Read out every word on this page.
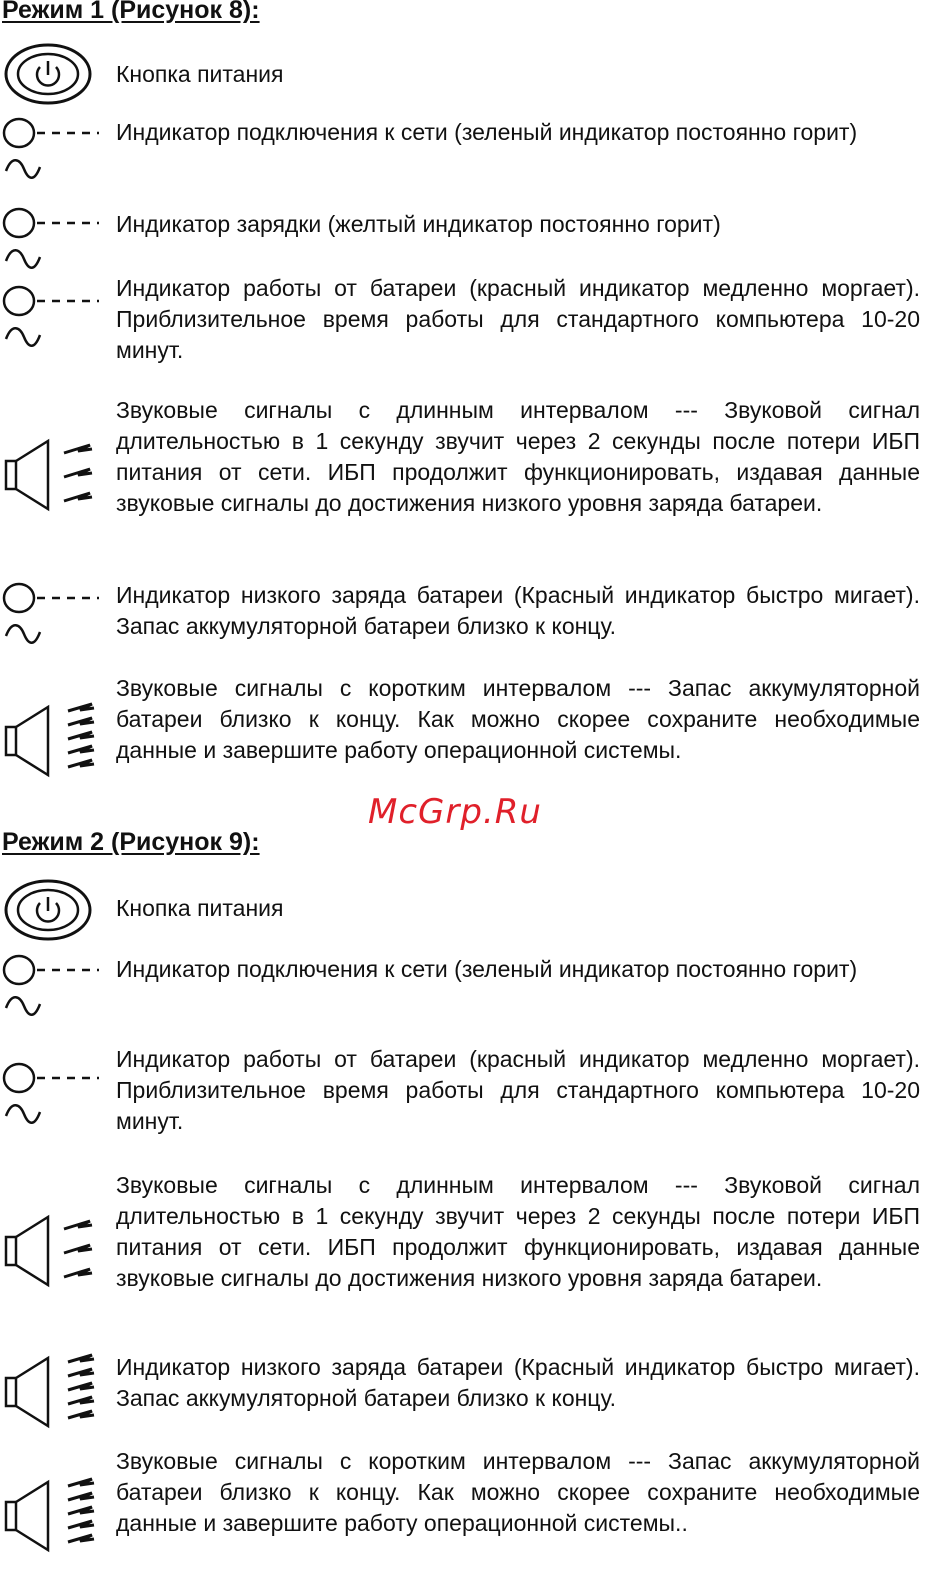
Режим 1 (Рисунок 8):

Кнопка питания

Индикатор подключения к сети (зеленый индикатор постоянно горит)

Индикатор зарядки (желтый индикатор постоянно горит)

Индикатор работы от батареи (красный индикатор медленно моргает). Приблизительное время работы для стандартного компьютера 10-20 минут.

Звуковые сигналы с длинным интервалом --- Звуковой сигнал длительностью в 1 секунду звучит через 2 секунды после потери ИБП питания от сети. ИБП продолжит функционировать, издавая данные звуковые сигналы до достижения низкого уровня заряда батареи.

Индикатор низкого заряда батареи (Красный индикатор быстро мигает). Запас аккумуляторной батареи близко к концу.

Звуковые сигналы с коротким интервалом --- Запас аккумуляторной батареи близко к концу. Как можно скорее сохраните необходимые данные и завершите работу операционной системы.

McGrp.Ru
Режим 2 (Рисунок 9):

Кнопка питания

Индикатор подключения к сети (зеленый индикатор постоянно горит)

Индикатор работы от батареи (красный индикатор медленно моргает). Приблизительное время работы для стандартного компьютера 10-20 минут.

Звуковые сигналы с длинным интервалом --- Звуковой сигнал длительностью в 1 секунду звучит через 2 секунды после потери ИБП питания от сети. ИБП продолжит функционировать, издавая данные звуковые сигналы до достижения низкого уровня заряда батареи.

Индикатор низкого заряда батареи (Красный индикатор быстро мигает). Запас аккумуляторной батареи близко к концу.

Звуковые сигналы с коротким интервалом --- Запас аккумуляторной батареи близко к концу. Как можно скорее сохраните необходимые данные и завершите работу операционной системы..
